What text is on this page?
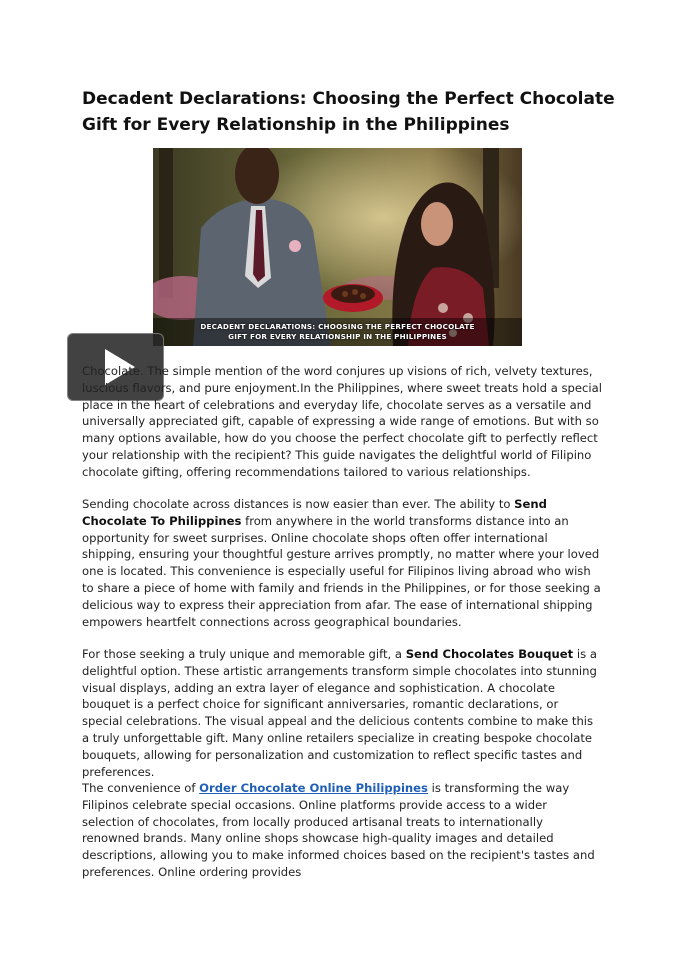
Decadent Declarations: Choosing the Perfect Chocolate Gift for Every Relationship in the Philippines
DECADENT DECLARATIONS: CHOOSING THE PERFECT CHOCOLATE
GIFT FOR EVERY RELATIONSHIP IN THE PHILIPPINES

Chocolate. The simple mention of the word conjures up visions of rich, velvety textures, luscious flavors, and pure enjoyment.In the Philippines, where sweet treats hold a special place in the heart of celebrations and everyday life, chocolate serves as a versatile and universally appreciated gift, capable of expressing a wide range of emotions. But with so many options available, how do you choose the perfect chocolate gift to perfectly reflect your relationship with the recipient? This guide navigates the delightful world of Filipino chocolate gifting, offering recommendations tailored to various relationships.

Sending chocolate across distances is now easier than ever. The ability to Send Chocolate To Philippines from anywhere in the world transforms distance into an opportunity for sweet surprises. Online chocolate shops often offer international shipping, ensuring your thoughtful gesture arrives promptly, no matter where your loved one is located. This convenience is especially useful for Filipinos living abroad who wish to share a piece of home with family and friends in the Philippines, or for those seeking a delicious way to express their appreciation from afar. The ease of international shipping empowers heartfelt connections across geographical boundaries.

For those seeking a truly unique and memorable gift, a Send Chocolates Bouquet is a delightful option. These artistic arrangements transform simple chocolates into stunning visual displays, adding an extra layer of elegance and sophistication. A chocolate bouquet is a perfect choice for significant anniversaries, romantic declarations, or special celebrations. The visual appeal and the delicious contents combine to make this a truly unforgettable gift. Many online retailers specialize in creating bespoke chocolate bouquets, allowing for personalization and customization to reflect specific tastes and preferences.

The convenience of Order Chocolate Online Philippines is transforming the way Filipinos celebrate special occasions. Online platforms provide access to a wider selection of chocolates, from locally produced artisanal treats to internationally renowned brands. Many online shops showcase high-quality images and detailed descriptions, allowing you to make informed choices based on the recipient's tastes and preferences. Online ordering provides
